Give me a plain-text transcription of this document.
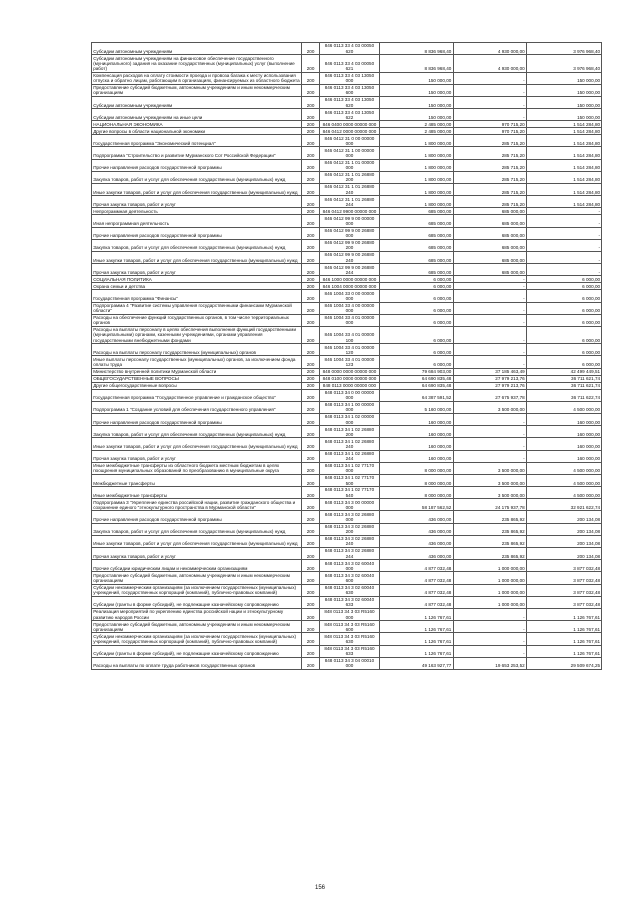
Субсидии автономным учреждениям	200	846 0113 33 4 03 00050 620	8 836 968,40	4 930 000,00	3 976 968,40
Субсидии автономным учреждениям на финансовое обеспечение государственного (муниципального) задания на оказание государственных (муниципальных) услуг (выполнение работ)	200	846 0113 33 4 03 00050 621	8 836 968,40	4 930 000,00	3 976 968,40
Компенсация расходов на оплату стоимости проезда и провоза багажа к месту использования отпуска и обратно лицам, работающим в организациях, финансируемых из областного бюджета	200	846 0113 33 4 03 13050 000	150 000,00	-	150 000,00
Предоставление субсидий бюджетным, автономным учреждениям и иным некоммерческим организациям	200	846 0113 33 4 03 13050 600	150 000,00	-	150 000,00
Субсидии автономным учреждениям	200	846 0113 33 4 03 13050 620	150 000,00	-	150 000,00
Субсидии автономным учреждениям на иные цели	200	846 0113 33 4 03 13050 622	150 000,00	-	150 000,00
НАЦИОНАЛЬНАЯ ЭКОНОМИКА	200	846 0400 0000 00000 000	2 485 000,00	970 715,20	1 514 284,80
Другие вопросы в области национальной экономики	200	846 0412 0000 00000 000	2 485 000,00	970 715,20	1 514 284,80
Государственная программа "Экономический потенциал"	200	846 0412 31 0 00 00000 000	1 800 000,00	285 715,20	1 514 284,80
Подпрограмма "Строительство и развитие Мурманского Сот Российской Федерации"	200	846 0412 31 1 00 00000 000	1 800 000,00	285 715,20	1 514 284,80
Прочие направления расходов государственной программы	200	846 0412 31 1 01 00000 000	1 800 000,00	285 715,20	1 514 284,80
Закупка товаров, работ и услуг для обеспечения государственных (муниципальных) нужд	200	846 0412 31 1 01 26880 200	1 800 000,00	285 715,20	1 514 284,80
Иные закупки товаров, работ и услуг для обеспечения государственных (муниципальных) нужд	200	846 0412 31 1 01 26880 240	1 800 000,00	285 715,20	1 514 284,80
Прочая закупка товаров, работ и услуг	200	846 0412 31 1 01 26880 244	1 800 000,00	285 715,20	1 514 284,80
Непрограммная деятельность	200	846 0412 9900 00000 000	685 000,00	685 000,00	-
Иная непрограммная деятельность	200	846 0412 99 9 00 00000 000	685 000,00	685 000,00	-
Прочие направления расходов государственной программы	200	846 0412 99 9 00 26880 000	685 000,00	685 000,00	-
Закупка товаров, работ и услуг для обеспечения государственных (муниципальных) нужд	200	846 0412 99 9 00 26880 200	685 000,00	685 000,00	-
Иные закупки товаров, работ и услуг для обеспечения государственных (муниципальных) нужд	200	846 0412 99 9 00 26880 240	685 000,00	685 000,00	-
Прочая закупка товаров, работ и услуг	200	846 0412 99 9 00 26880 244	685 000,00	685 000,00	-
СОЦИАЛЬНАЯ ПОЛИТИКА	200	846 1000 0000 00000 000	6 000,00	-	6 000,00
Охрана семьи и детства	200	846 1004 0000 00000 000	6 000,00	-	6 000,00
Государственная программа "Финансы"	200	846 1004 33 0 00 00000 000	6 000,00	-	6 000,00
Подпрограмма 4 "Развитие системы управления государственными финансами Мурманской области"	200	846 1004 33 4 00 00000 000	6 000,00	-	6 000,00
Расходы на обеспечение функций государственных органов, в том числе территориальных органов	200	846 1004 33 4 01 00000 000	6 000,00	-	6 000,00
Расходы на выплаты персоналу в целях обеспечения выполнения функций государственными (муниципальными) органами, казенными учреждениями, органами управления государственными внебюджетными фондами	200	846 1004 33 4 01 00000 100	6 000,00	-	6 000,00
Расходы на выплаты персоналу государственных (муниципальных) органов	200	846 1004 33 4 01 00000 120	6 000,00	-	6 000,00
Иные выплаты персоналу государственных (муниципальных) органов, за исключением фонда оплаты труда	200	846 1004 33 4 01 00000 123	6 000,00	-	6 000,00
Министерство внутренней политики Мурманской области	200	848 0000 0000 00000 000	79 684 903,00	37 185 463,49	42 499 449,51
ОБЩЕГОСУДАРСТВЕННЫЕ ВОПРОСЫ	200	848 0100 0000 00000 000	64 690 835,48	27 979 213,76	36 711 621,74
Другие общегосударственные вопросы	200	848 0113 0000 00000 000	64 690 835,48	27 979 213,76	36 711 621,74
Государственная программа "Государственное управление и гражданское общество"	200	848 0113 34 0 00 00000 000	64 387 591,52	27 675 937,78	36 711 622,74
Подпрограмма 1 "Создание условий для обеспечения государственного управления"	200	848 0113 34 1 00 00000 000	5 160 000,00	3 500 000,00	4 500 000,00
Прочие направления расходов государственной программы	200	848 0113 34 1 02 00000 000	160 000,00	-	160 000,00
Закупка товаров, работ и услуг для обеспечения государственных (муниципальных) нужд	200	848 0113 34 1 02 26880 200	160 000,00	-	160 000,00
Иные закупки товаров, работ и услуг для обеспечения государственных (муниципальных) нужд	200	848 0113 34 1 02 26880 240	160 000,00	-	160 000,00
Прочая закупка товаров, работ и услуг	200	848 0113 34 1 02 26880 244	160 000,00	-	160 000,00
Иные межбюджетные трансферты из областного бюджета местным бюджетам в целях поощрения муниципальных образований по преобразованию в муниципальные округа	200	848 0113 34 1 02 77170 000	8 000 000,00	3 500 000,00	4 500 000,00
Межбюджетные трансферты	200	848 0113 34 1 02 77170 500	8 000 000,00	3 500 000,00	4 500 000,00
Иные межбюджетные трансферты	200	848 0113 34 1 02 77170 540	8 000 000,00	3 500 000,00	4 500 000,00
Подпрограмма 3 "Укрепление единства российской нации, развитие гражданского общества и сохранение единого "этнокультурного пространства в Мурманской области"	200	848 0113 34 3 00 00000 000	58 187 562,52	24 175 937,78	32 921 622,74
Прочие направления расходов государственной программы	200	848 0113 34 3 02 26880 000	436 000,00	235 865,92	200 134,08
Закупка товаров, работ и услуг для обеспечения государственных (муниципальных) нужд	200	848 0113 34 3 02 26880 200	436 000,00	235 865,92	200 134,08
Иные закупки товаров, работ и услуг для обеспечения государственных (муниципальных) нужд	200	848 0113 34 3 02 26880 240	436 000,00	235 865,92	200 134,08
Прочая закупка товаров, работ и услуг	200	848 0113 34 3 02 26880 244	436 000,00	235 865,92	200 134,08
Прочие субсидии юридическим лицам и некоммерческим организациям	200	848 0113 34 3 02 60040 000	4 877 032,48	1 000 000,00	3 877 032,48
Предоставление субсидий бюджетным, автономным учреждениям и иным некоммерческим организациям	200	848 0113 34 3 02 60040 600	4 877 032,48	1 000 000,00	3 877 032,48
Субсидии некоммерческим организациям (за исключением государственных (муниципальных) учреждений, государственных корпораций (компаний), публично-правовых компаний)	200	848 0113 34 3 02 60040 630	4 877 032,48	1 000 000,00	3 877 032,48
Субсидии (гранты в форме субсидий), не подлежащие казначейскому сопровождению	200	848 0113 34 3 02 60040 633	4 877 032,48	1 000 000,00	3 877 032,48
Реализация мероприятий по укреплению единства российской нации и этнокультурному развитию народов России	200	848 0113 34 3 03 R5160 000	1 126 767,61	-	1 126 767,61
Предоставление субсидий бюджетным, автономным учреждениям и иным некоммерческим организациям	200	848 0113 34 3 03 R5160 600	1 126 767,61	-	1 126 767,61
Субсидии некоммерческим организациям (за исключением государственных (муниципальных) учреждений, государственных корпораций (компаний), публично-правовых компаний)	200	848 0113 34 3 03 R5160 630	1 126 767,61	-	1 126 767,61
Субсидии (гранты в форме субсидий), не подлежащие казначейскому сопровождению	200	848 0113 34 3 03 R5160 633	1 126 767,61	-	1 126 767,61
Расходы на выплаты по оплате труда работников государственных органов	200	848 0113 34 3 04 00010 000	49 163 927,77	19 653 253,52	29 509 674,25
156
